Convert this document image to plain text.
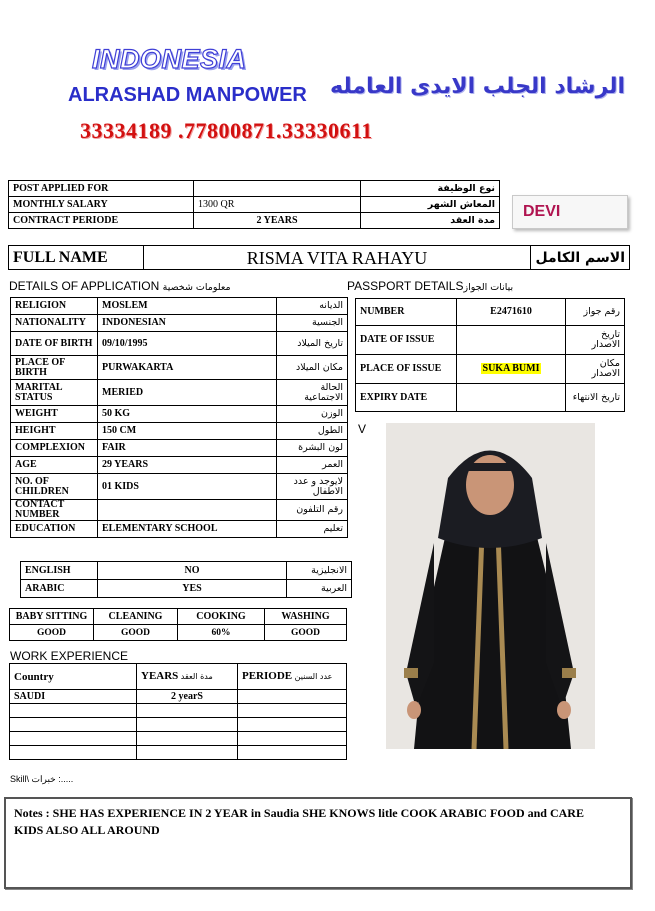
INDONESIA
ALRASHAD MANPOWER الرشاد الجلب الايدى العامله
33334189 .77800871.33330611
POST APPLIED FOR		نوع الوظيفة
MONTHLY SALARY	1300 QR	المعاش الشهر
CONTRACT PERIODE	2 YEARS	مدة العقد DEVI
FULL NAME	RISMA VITA RAHAYU	الاسم الكامل
DETAILS OF APPLICATION معلومات شخصية	PASSPORT DETAILSبيانات الجواز
RELIGION	MOSLEM	الديانه
NATIONALITY	INDONESIAN	الجنسية
DATE OF BIRTH	09/10/1995	تاريخ الميلاد
PLACE OF BIRTH	PURWAKARTA	مكان الميلاد
MARITAL STATUS	MERIED	الحالة الاجتماعية
WEIGHT	50 KG	الوزن
HEIGHT	150 CM	الطول
COMPLEXION	FAIR	لون البشرة
AGE	29 YEARS	العمر
NO. OF CHILDREN	01 KIDS	لايوجد و عدد الاطفال
CONTACT NUMBER		رقم التلفون
EDUCATION	ELEMENTARY SCHOOL	تعليم
ENGLISH	NO	الانجليزية
ARABIC	YES	العربية
NUMBER	E2471610	رقم جواز
DATE OF ISSUE		تاريخ الاصدار
PLACE OF ISSUE	SUKA BUMI	مكان الاصدار
EXPIRY DATE		تاريخ الانتهاء
V
BABY SITTING	CLEANING	COOKING	WASHING
GOOD	GOOD	60%	GOOD
WORK EXPERIENCE
Country	YEARS مدة العقد	PERIODE عدد السنين
SAUDI	2 yearS	

Skill\ خبرات :.....
Notes : SHE HAS EXPERIENCE IN 2 YEAR in Saudia SHE KNOWS litle COOK ARABIC FOOD and CARE KIDS ALSO ALL AROUND
